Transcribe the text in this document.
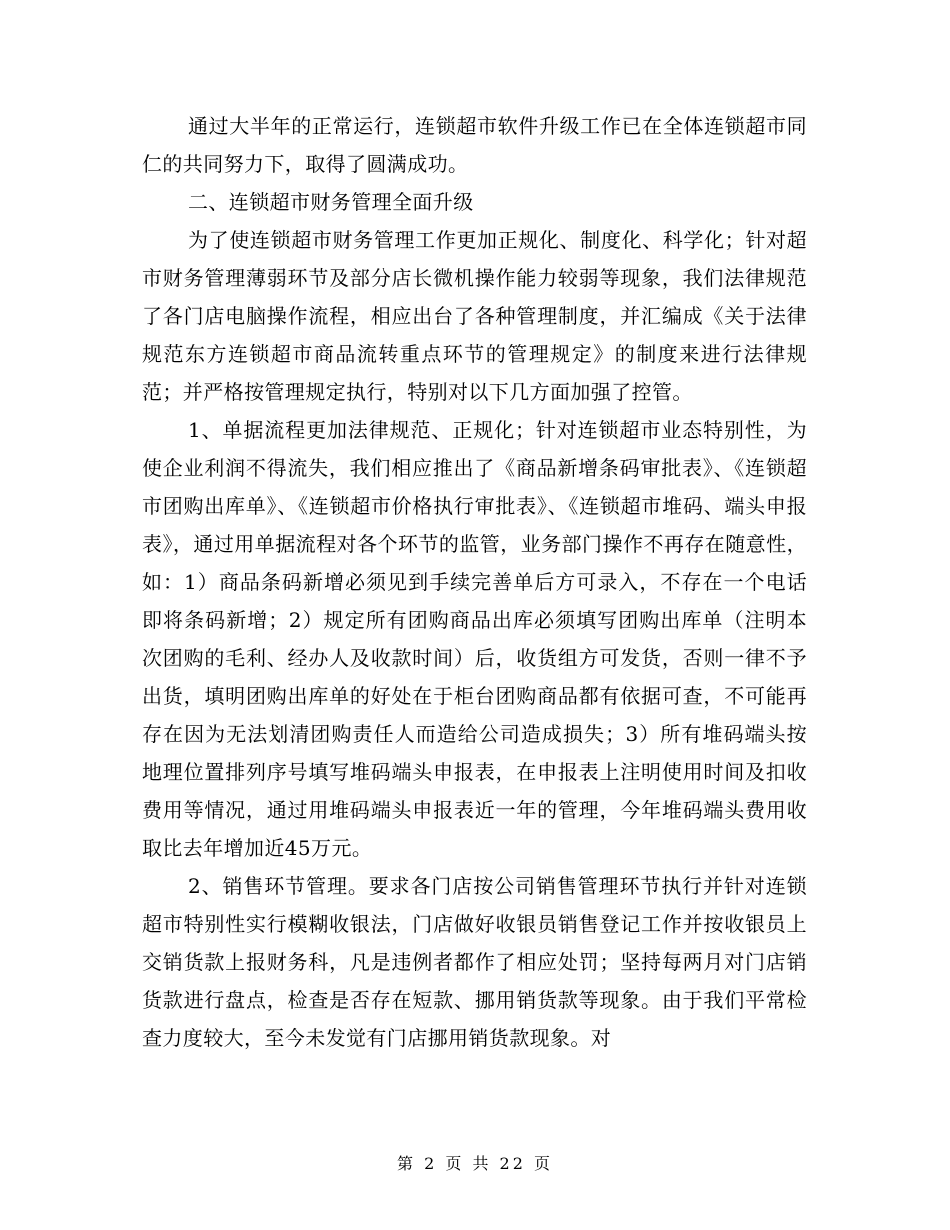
通过大半年的正常运行，连锁超市软件升级工作已在全体连锁超市同仁的共同努力下，取得了圆满成功。

二、连锁超市财务管理全面升级

为了使连锁超市财务管理工作更加正规化、制度化、科学化；针对超市财务管理薄弱环节及部分店长微机操作能力较弱等现象，我们法律规范了各门店电脑操作流程，相应出台了各种管理制度，并汇编成《关于法律规范东方连锁超市商品流转重点环节的管理规定》的制度来进行法律规范；并严格按管理规定执行，特别对以下几方面加强了控管。

1、单据流程更加法律规范、正规化；针对连锁超市业态特别性，为使企业利润不得流失，我们相应推出了《商品新增条码审批表》、《连锁超市团购出库单》、《连锁超市价格执行审批表》、《连锁超市堆码、端头申报表》，通过用单据流程对各个环节的监管，业务部门操作不再存在随意性，如：1）商品条码新增必须见到手续完善单后方可录入，不存在一个电话即将条码新增；2）规定所有团购商品出库必须填写团购出库单（注明本次团购的毛利、经办人及收款时间）后，收货组方可发货，否则一律不予出货，填明团购出库单的好处在于柜台团购商品都有依据可查，不可能再存在因为无法划清团购责任人而造给公司造成损失；3）所有堆码端头按地理位置排列序号填写堆码端头申报表，在申报表上注明使用时间及扣收费用等情况，通过用堆码端头申报表近一年的管理，今年堆码端头费用收取比去年增加近45万元。

2、销售环节管理。要求各门店按公司销售管理环节执行并针对连锁超市特别性实行模糊收银法，门店做好收银员销售登记工作并按收银员上交销货款上报财务科，凡是违例者都作了相应处罚；坚持每两月对门店销货款进行盘点，检查是否存在短款、挪用销货款等现象。由于我们平常检查力度较大，至今未发觉有门店挪用销货款现象。对

第 2 页 共 22 页
